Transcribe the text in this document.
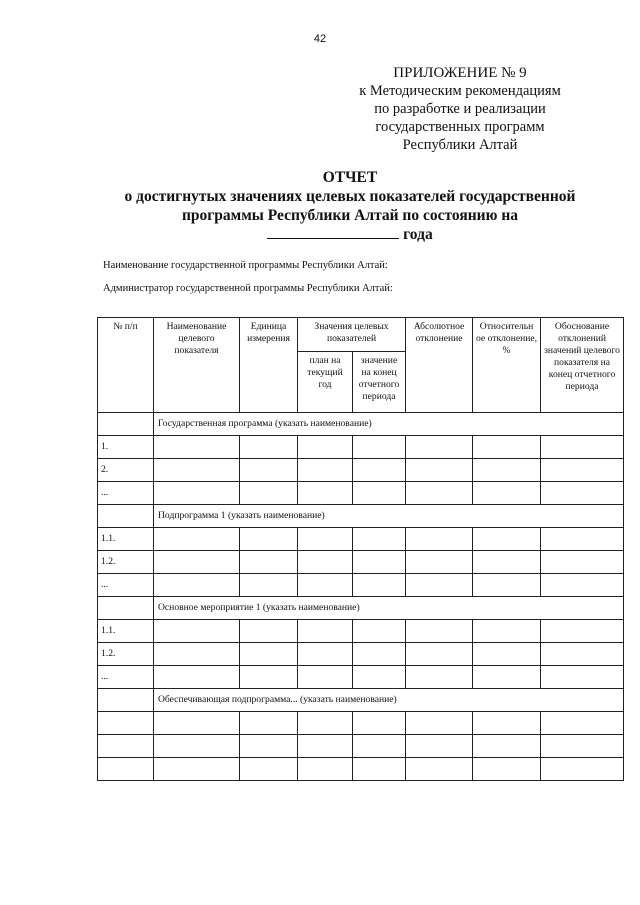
42
ПРИЛОЖЕНИЕ № 9
к Методическим рекомендациям
по разработке и реализации
государственных программ
Республики Алтай
ОТЧЕТ
о достигнутых значениях целевых показателей государственной
программы Республики Алтай по состоянию на
года
Наименование государственной программы Республики Алтай:
Администратор государственной программы Республики Алтай:
№ п/п	Наименование целевого показателя	Единица измерения	Значения целевых показателей		Абсолютное отклонение	Относительн ое отклонение, %	Обоснование отклонений значений целевого показателя на конец отчетного периода
			план на текущий год	значение на конец отчетного периода			
	Государственная программа (указать наименование)						
1.							
2.							
...							
	Подпрограмма 1 (указать наименование)						
1.1.							
1.2.							
...							
	Основное мероприятие 1 (указать наименование)						
1.1.							
1.2.							
...							
	Обеспечивающая подпрограмма... (указать наименование)						
